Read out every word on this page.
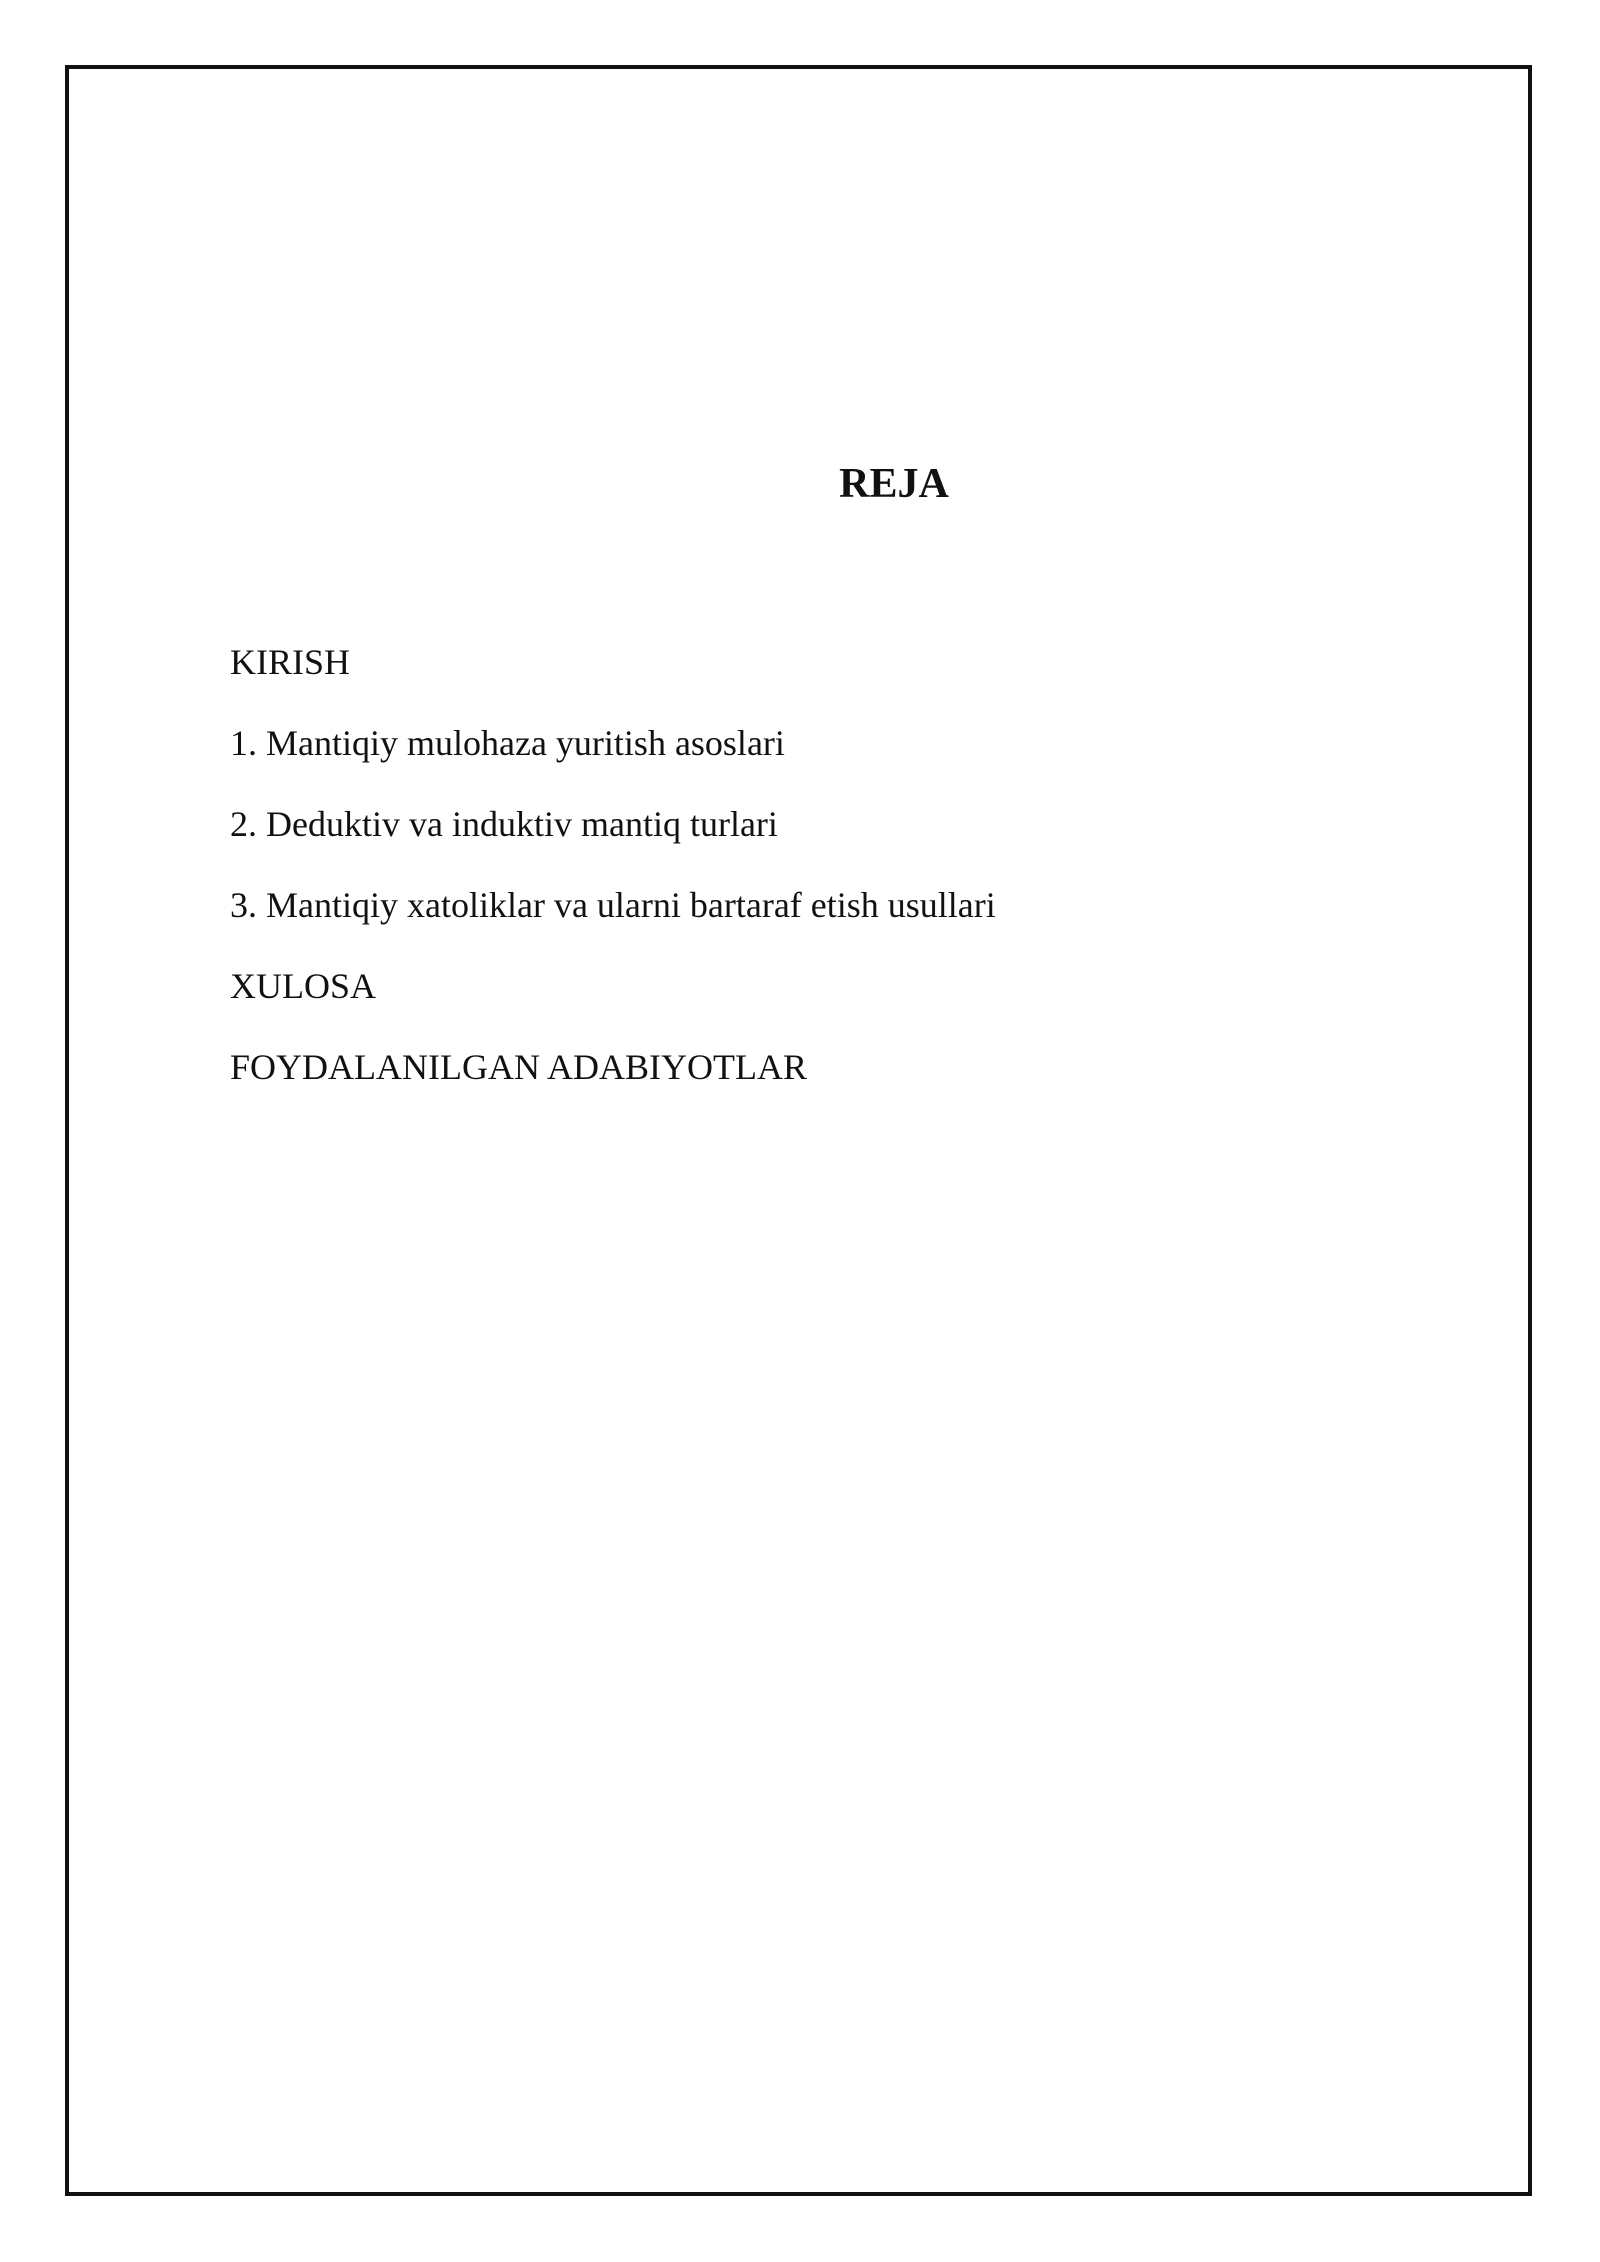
REJA
KIRISH
1. Mantiqiy mulohaza yuritish asoslari
2. Deduktiv va induktiv mantiq turlari
3. Mantiqiy xatoliklar va ularni bartaraf etish usullari
XULOSA
FOYDALANILGAN ADABIYOTLAR
